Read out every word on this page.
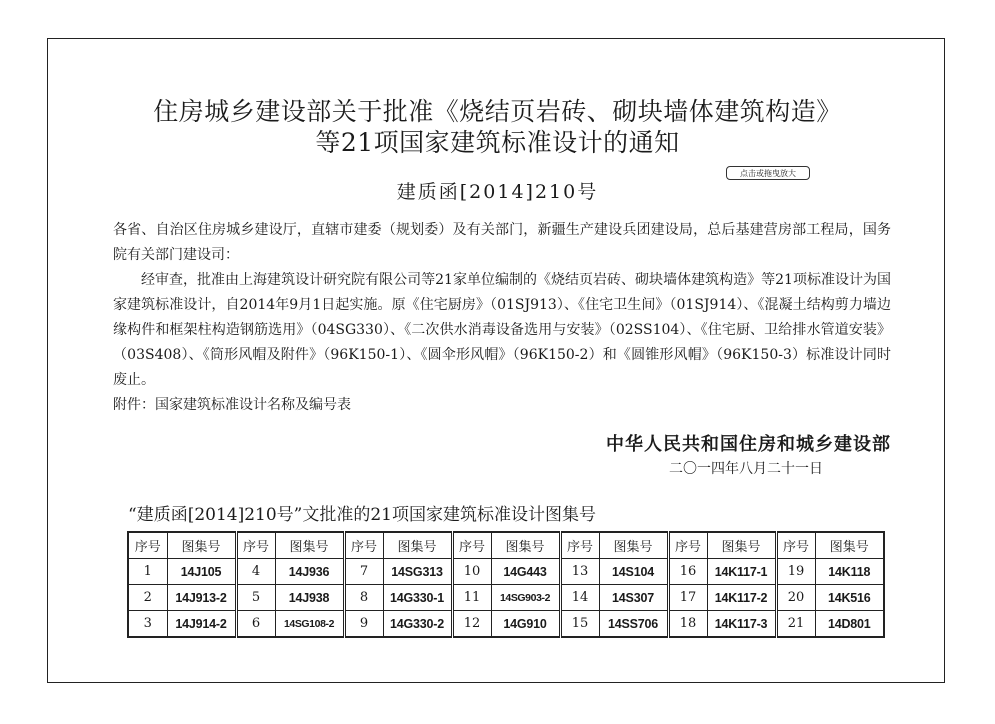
住房城乡建设部关于批准《烧结页岩砖、砌块墙体建筑构造》
等21项国家建筑标准设计的通知
点击或拖曳放大
建质函[2014]210号

各省、自治区住房城乡建设厅，直辖市建委（规划委）及有关部门，新疆生产建设兵团建设局，总后基建营房部工程局，国务院有关部门建设司：

经审查，批准由上海建筑设计研究院有限公司等21家单位编制的《烧结页岩砖、砌块墙体建筑构造》等21项标准设计为国家建筑标准设计，自2014年9月1日起实施。原《住宅厨房》（01SJ913）、《住宅卫生间》（01SJ914）、《混凝土结构剪力墙边缘构件和框架柱构造钢筋选用》（04SG330）、《二次供水消毒设备选用与安装》（02SS104）、《住宅厨、卫给排水管道安装》（03S408）、《筒形风帽及附件》（96K150-1）、《圆伞形风帽》（96K150-2）和《圆锥形风帽》（96K150-3）标准设计同时废止。

附件：国家建筑标准设计名称及编号表

中华人民共和国住房和城乡建设部
二〇一四年八月二十一日
“建质函[2014]210号”文批准的21项国家建筑标准设计图集号
序号	图集号	序号	图集号	序号	图集号	序号	图集号	序号	图集号	序号	图集号	序号	图集号
1	14J105	4	14J936	7	14SG313	10	14G443	13	14S104	16	14K117-1	19	14K118
2	14J913-2	5	14J938	8	14G330-1	11	14SG903-2	14	14S307	17	14K117-2	20	14K516
3	14J914-2	6	14SG108-2	9	14G330-2	12	14G910	15	14SS706	18	14K117-3	21	14D801
